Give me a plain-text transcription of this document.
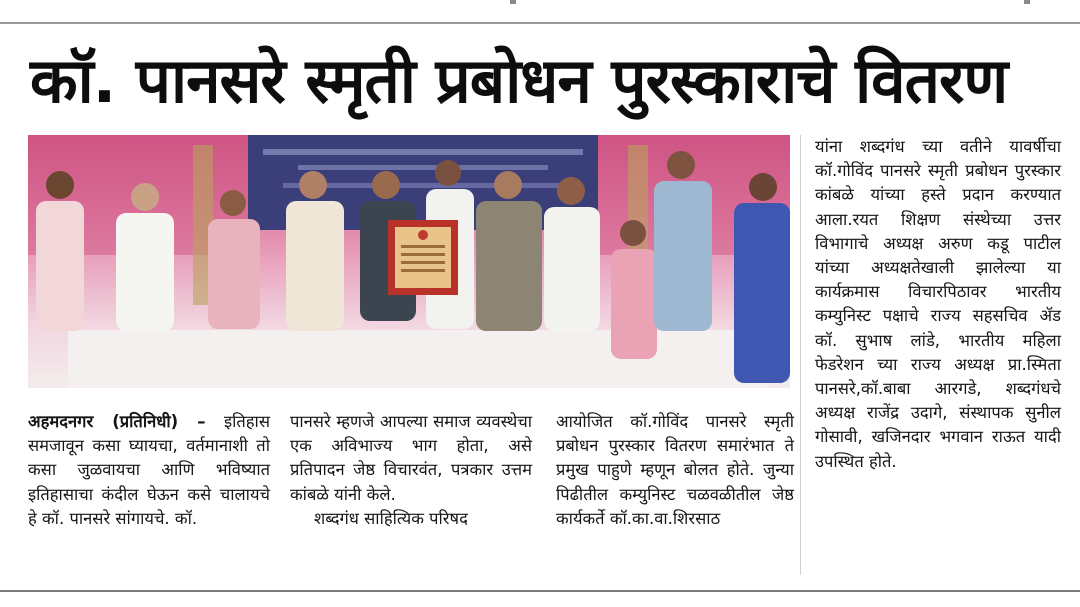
कॉ. पानसरे स्मृती प्रबोधन पुरस्काराचे वितरण
यांना शब्दगंध च्या वतीने यावर्षीचा कॉ.गोविंद पानसरे स्मृती प्रबोधन पुरस्कार कांबळे यांच्या हस्ते प्रदान करण्यात आला.रयत शिक्षण संस्थेच्या उत्तर विभागाचे अध्यक्ष अरुण कडू पाटील यांच्या अध्यक्षतेखाली झालेल्या या कार्यक्रमास विचारपिठावर भारतीय कम्युनिस्ट पक्षाचे राज्य सहसचिव ॲड कॉ. सुभाष लांडे, भारतीय महिला फेडरेशन च्या राज्य अध्यक्ष प्रा.स्मिता पानसरे,कॉ.बाबा आरगडे, शब्दगंधचे अध्यक्ष राजेंद्र उदागे, संस्थापक सुनील गोसावी, खजिनदार भगवान राऊत यादी उपस्थित होते.
अहमदनगर (प्रतिनिधी) – इतिहास समजावून कसा घ्यायचा, वर्तमानाशी तो कसा जुळवायचा आणि भविष्यात इतिहासाचा कंदील घेऊन कसे चालायचे हे कॉ. पानसरे सांगायचे. कॉ.
पानसरे म्हणजे आपल्या समाज व्यवस्थेचा एक अविभाज्य भाग होता, असे प्रतिपादन जेष्ठ विचारवंत, पत्रकार उत्तम कांबळे यांनी केले.
शब्दगंध साहित्यिक परिषद
आयोजित कॉ.गोविंद पानसरे स्मृती प्रबोधन पुरस्कार वितरण समारंभात ते प्रमुख पाहुणे म्हणून बोलत होते. जुन्या पिढीतील कम्युनिस्ट चळवळीतील जेष्ठ कार्यकर्ते कॉ.का.वा.शिरसाठ
